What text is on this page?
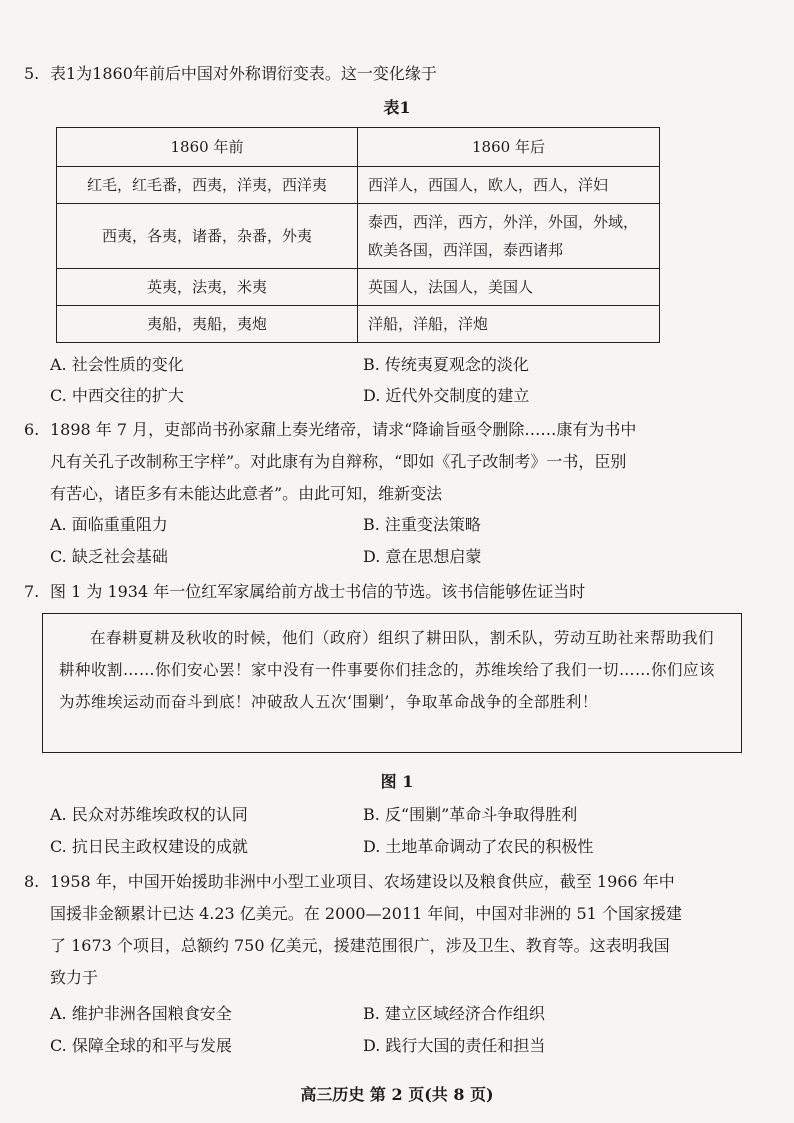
5. 表1为1860年前后中国对外称谓衍变表。这一变化缘于
表1
1860 年前	1860 年后
红毛，红毛番，西夷，洋夷，西洋夷	西洋人，西国人，欧人，西人，洋妇
西夷，各夷，诸番，杂番，外夷	泰西，西洋，西方，外洋，外国，外域，欧美各国，西洋国，泰西诸邦
英夷，法夷，米夷	英国人，法国人，美国人
夷船，夷船，夷炮	洋船，洋船，洋炮
A. 社会性质的变化	B. 传统夷夏观念的淡化
C. 中西交往的扩大	D. 近代外交制度的建立
6. 1898 年 7 月，吏部尚书孙家鼐上奏光绪帝，请求“降谕旨亟令删除……康有为书中
凡有关孔子改制称王字样”。对此康有为自辩称，“即如《孔子改制考》一书，臣别
有苦心，诸臣多有未能达此意者”。由此可知，维新变法
A. 面临重重阻力	B. 注重变法策略
C. 缺乏社会基础	D. 意在思想启蒙
7. 图 1 为 1934 年一位红军家属给前方战士书信的节选。该书信能够佐证当时
在春耕夏耕及秋收的时候，他们（政府）组织了耕田队，割禾队，劳动互助社来帮助我们耕种收割……你们安心罢！家中没有一件事要你们挂念的，苏维埃给了我们一切……你们应该为苏维埃运动而奋斗到底！冲破敌人五次‘围剿’，争取革命战争的全部胜利！
图 1
A. 民众对苏维埃政权的认同	B. 反“围剿”革命斗争取得胜利
C. 抗日民主政权建设的成就	D. 土地革命调动了农民的积极性
8. 1958 年，中国开始援助非洲中小型工业项目、农场建设以及粮食供应，截至 1966 年中
国援非金额累计已达 4.23 亿美元。在 2000—2011 年间，中国对非洲的 51 个国家援建
了 1673 个项目，总额约 750 亿美元，援建范围很广，涉及卫生、教育等。这表明我国
致力于
A. 维护非洲各国粮食安全	B. 建立区域经济合作组织
C. 保障全球的和平与发展	D. 践行大国的责任和担当
高三历史 第 2 页(共 8 页)
